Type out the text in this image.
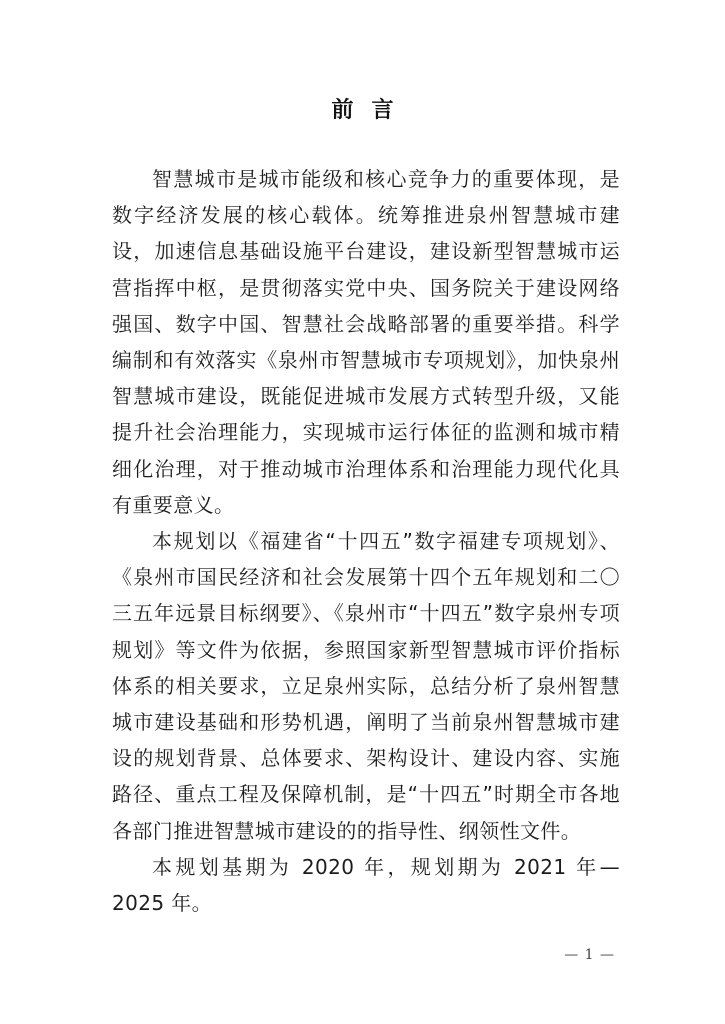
前言

智慧城市是城市能级和核心竞争力的重要体现，是数字经济发展的核心载体。统筹推进泉州智慧城市建设，加速信息基础设施平台建设，建设新型智慧城市运营指挥中枢，是贯彻落实党中央、国务院关于建设网络强国、数字中国、智慧社会战略部署的重要举措。科学编制和有效落实《泉州市智慧城市专项规划》，加快泉州智慧城市建设，既能促进城市发展方式转型升级，又能提升社会治理能力，实现城市运行体征的监测和城市精细化治理，对于推动城市治理体系和治理能力现代化具有重要意义。

本规划以《福建省“十四五”数字福建专项规划》、《泉州市国民经济和社会发展第十四个五年规划和二〇三五年远景目标纲要》、《泉州市“十四五”数字泉州专项规划》等文件为依据，参照国家新型智慧城市评价指标体系的相关要求，立足泉州实际，总结分析了泉州智慧城市建设基础和形势机遇，阐明了当前泉州智慧城市建设的规划背景、总体要求、架构设计、建设内容、实施路径、重点工程及保障机制，是“十四五”时期全市各地各部门推进智慧城市建设的的指导性、纲领性文件。

本规划基期为 2020 年，规划期为 2021 年—2025 年。

— 1 —
